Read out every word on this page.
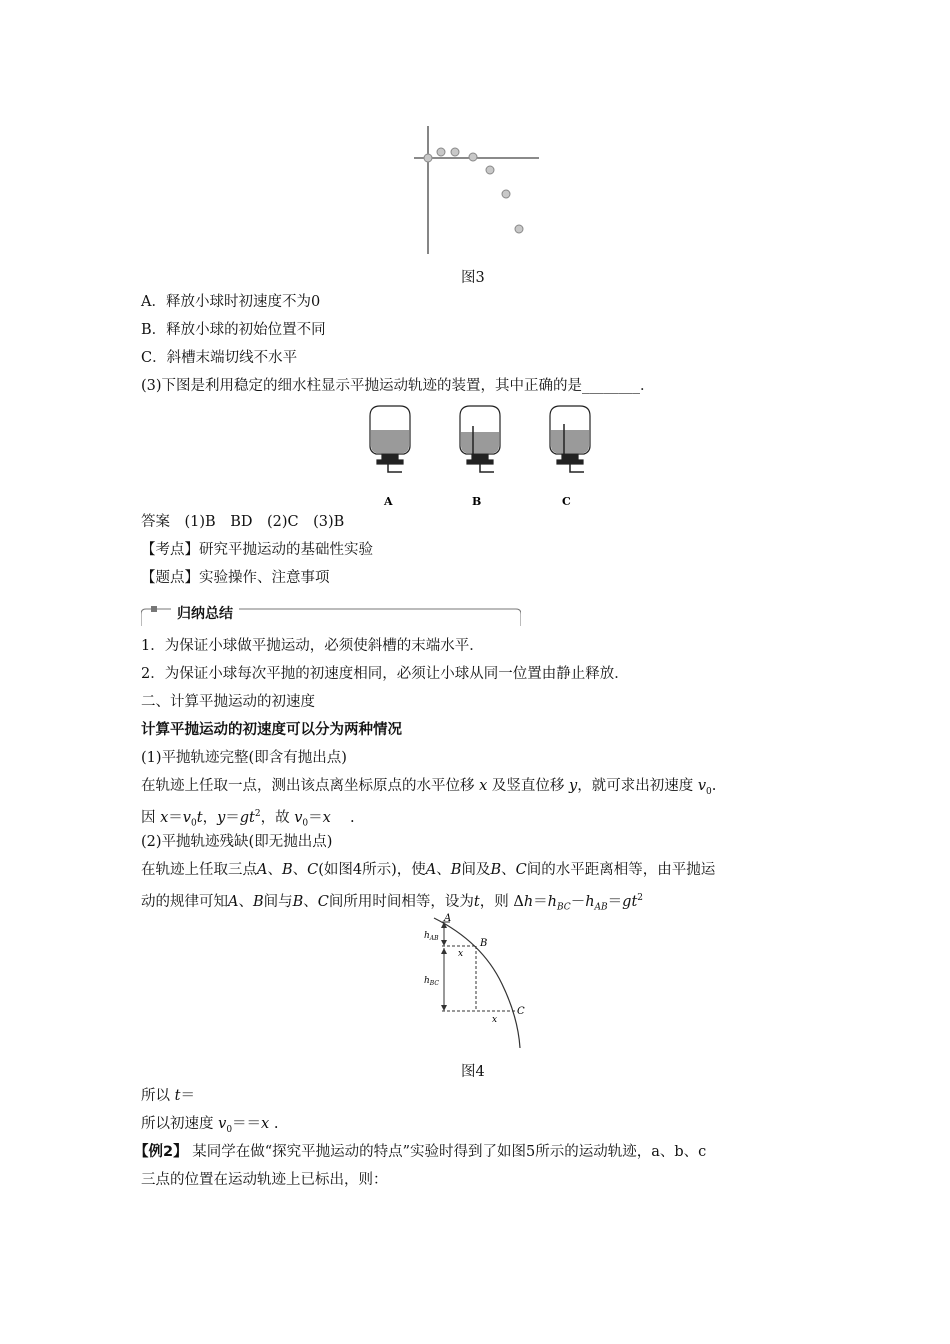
图3
A．释放小球时初速度不为0
B．释放小球的初始位置不同
C．斜槽末端切线不水平
(3)下图是利用稳定的细水柱显示平抛运动轨迹的装置，其中正确的是________．
A	B	C
答案　(1)B　BD　(2)C　(3)B
【考点】研究平抛运动的基础性实验
【题点】实验操作、注意事项
归纳总结
1．为保证小球做平抛运动，必须使斜槽的末端水平．
2．为保证小球每次平抛的初速度相同，必须让小球从同一位置由静止释放．
二、计算平抛运动的初速度
计算平抛运动的初速度可以分为两种情况
(1)平抛轨迹完整(即含有抛出点)
在轨迹上任取一点，测出该点离坐标原点的水平位移 x 及竖直位移 y，就可求出初速度 $v_0$.
因 $x=v_0t$，$y=gt^2$，故 $v_0=x$ 　.
(2)平抛轨迹残缺(即无抛出点)
在轨迹上任取三点A、B、C(如图4所示)，使A、B间及B、C间的水平距离相等，由平抛运
动的规律可知A、B间与B、C间所用时间相等，设为t，则 $\Delta h=h_{BC}-h_{AB}=gt^2$
A
B
C
$h_{AB}$
$h_{BC}$
x
x
图4
所以 t＝
所以初速度 $v_0==x$ .
【例2】 某同学在做“探究平抛运动的特点”实验时得到了如图5所示的运动轨迹，a、b、c
三点的位置在运动轨迹上已标出，则：
